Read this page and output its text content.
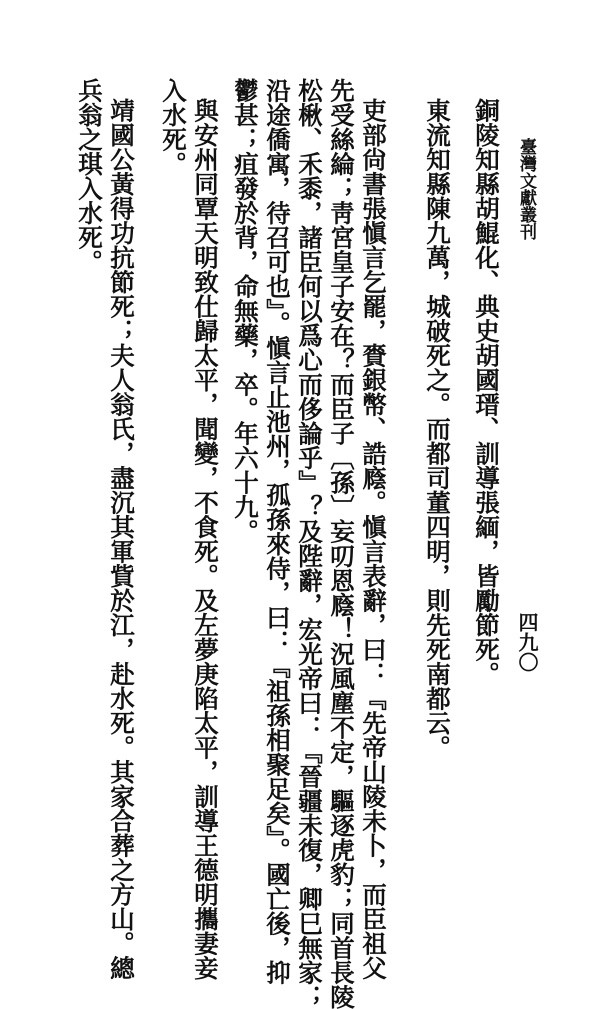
臺灣文獻叢刊
四九〇
銅陵知縣胡鯤化、典史胡國瑨、訓導張緬，皆勵節死。
東流知縣陳九萬，城破死之。而都司董四明，則先死南都云。
吏部尙書張愼言乞罷，賚銀幣、誥廕。愼言表辭，曰：『先帝山陵未卜，而臣祖父
先受絲綸；靑宮皇子安在？而臣子〔孫〕妄叨恩廕！況風塵不定，驅逐虎豹；同首長陵
松楸、禾黍，諸臣何以爲心而侈論乎』？及陛辭，宏光帝曰：『晉疆未復，卿巳無家；
沿途僑寓，待召可也』。愼言止池州，孤孫來侍，曰：『祖孫相聚足矣』。國亡後，抑
鬱甚；疽發於背，命無藥，卒。年六十九。
與安州同覃天明致仕歸太平，聞變，不食死。及左夢庚陷太平，訓導王德明攜妻妾
入水死。
靖國公黃得功抗節死；夫人翁氏，盡沉其軍貲於江，赴水死。其家合葬之方山。總
兵翁之琪入水死。
